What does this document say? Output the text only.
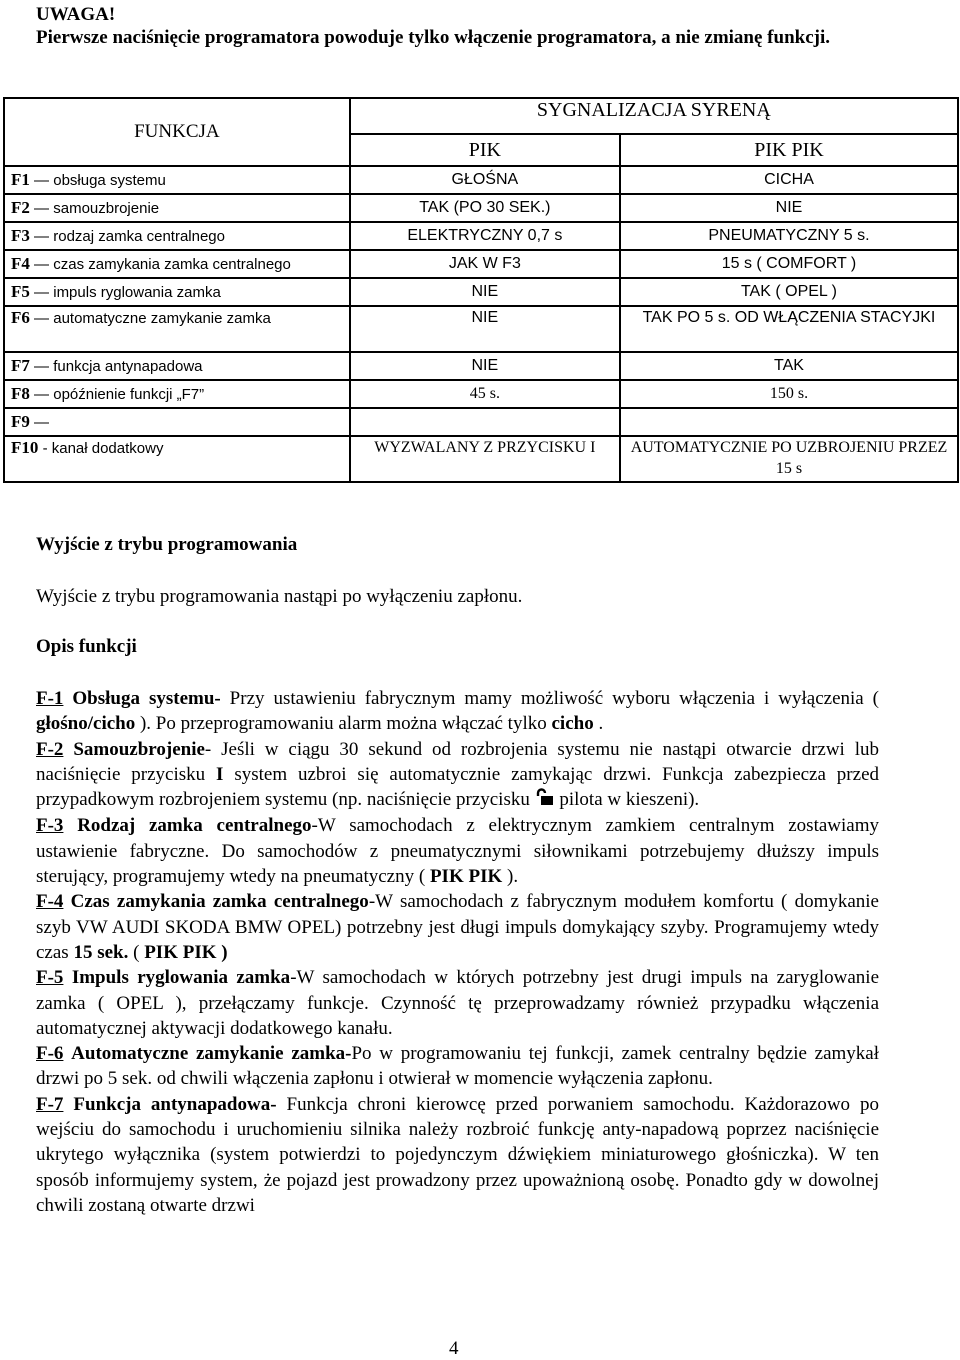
UWAGA!
Pierwsze naciśnięcie programatora powoduje tylko włączenie programatora, a nie zmianę funkcji.
FUNKCJA	SYGNALIZACJA SYRENĄ	
	PIK	PIK PIK
F1 — obsługa systemu	GŁOŚNA	CICHA
F2 — samouzbrojenie	TAK (PO 30 SEK.)	NIE
F3 — rodzaj zamka centralnego	ELEKTRYCZNY 0,7 s	PNEUMATYCZNY 5 s.
F4 — czas zamykania zamka centralnego	JAK W F3	15 s ( COMFORT )
F5 — impuls ryglowania zamka	NIE	TAK ( OPEL )
F6 — automatyczne zamykanie zamka	NIE	TAK PO 5 s. OD WŁĄCZENIA STACYJKI
F7 — funkcja antynapadowa	NIE	TAK
F8 — opóźnienie funkcji „F7”	45 s.	150 s.
F9 —		
F10 - kanał dodatkowy	WYZWALANY Z PRZYCISKU I	AUTOMATYCZNIE PO UZBROJENIU PRZEZ 15 s
Wyjście z trybu programowania
Wyjście z trybu programowania nastąpi po wyłączeniu zapłonu.
Opis funkcji

F-1 Obsługa systemu- Przy ustawieniu fabrycznym mamy możliwość wyboru włączenia i wyłączenia ( głośno/cicho ). Po przeprogramowaniu alarm można włączać tylko cicho .

F-2 Samouzbrojenie- Jeśli w ciągu 30 sekund od rozbrojenia systemu nie nastąpi otwarcie drzwi lub naciśnięcie przycisku I system uzbroi się automatycznie zamykając drzwi. Funkcja zabezpiecza przed przypadkowym rozbrojeniem systemu (np. naciśnięcie przycisku  pilota w kieszeni).

F-3 Rodzaj zamka centralnego-W samochodach z elektrycznym zamkiem centralnym zostawiamy ustawienie fabryczne. Do samochodów z pneumatycznymi siłownikami potrzebujemy dłuższy impuls sterujący, programujemy wtedy na pneumatyczny ( PIK PIK ).

F-4 Czas zamykania zamka centralnego-W samochodach z fabrycznym modułem komfortu ( domykanie szyb VW AUDI SKODA BMW OPEL) potrzebny jest długi impuls domykający szyby. Programujemy wtedy czas 15 sek. ( PIK PIK )

F-5 Impuls ryglowania zamka-W samochodach w których potrzebny jest drugi impuls na zaryglowanie zamka ( OPEL ), przełączamy funkcje. Czynność tę przeprowadzamy również przypadku włączenia automatycznej aktywacji dodatkowego kanału.

F-6 Automatyczne zamykanie zamka-Po w programowaniu tej funkcji, zamek centralny będzie zamykał drzwi po 5 sek. od chwili włączenia zapłonu i otwierał w momencie wyłączenia zapłonu.

F-7 Funkcja antynapadowa- Funkcja chroni kierowcę przed porwaniem samochodu. Każdorazowo po wejściu do samochodu i uruchomieniu silnika należy rozbroić funkcję anty-napadową poprzez naciśnięcie ukrytego wyłącznika (system potwierdzi to pojedynczym dźwiękiem miniaturowego głośniczka). W ten sposób informujemy system, że pojazd jest prowadzony przez upoważnioną osobę. Ponadto gdy w dowolnej chwili zostaną otwarte drzwi

4
